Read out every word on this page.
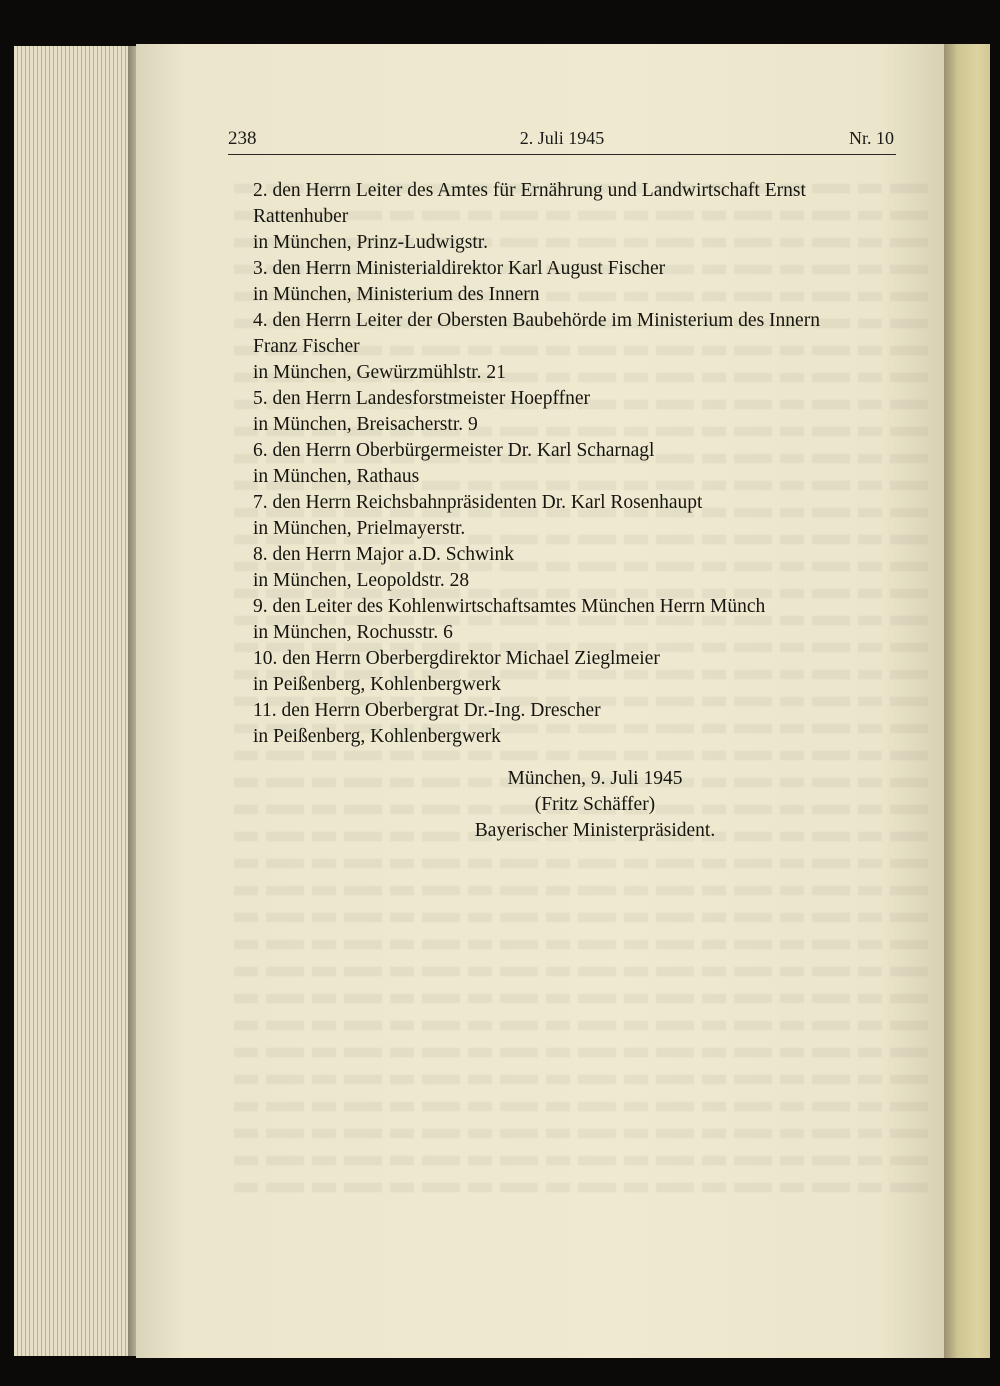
238	2. Juli 1945	Nr. 10
2. den Herrn Leiter des Amtes für Ernährung und Landwirtschaft Ernst
Rattenhuber
in München, Prinz-Ludwigstr.
3. den Herrn Ministerialdirektor Karl August Fischer
in München, Ministerium des Innern
4. den Herrn Leiter der Obersten Baubehörde im Ministerium des Innern
Franz Fischer
in München, Gewürzmühlstr. 21
5. den Herrn Landesforstmeister Hoepffner
in München, Breisacherstr. 9
6. den Herrn Oberbürgermeister Dr. Karl Scharnagl
in München, Rathaus
7. den Herrn Reichsbahnpräsidenten Dr. Karl Rosenhaupt
in München, Prielmayerstr.
8. den Herrn Major a.D. Schwink
in München, Leopoldstr. 28
9. den Leiter des Kohlenwirtschaftsamtes München Herrn Münch
in München, Rochusstr. 6
10. den Herrn Oberbergdirektor Michael Zieglmeier
in Peißenberg, Kohlenbergwerk
11. den Herrn Oberbergrat Dr.-Ing. Drescher
in Peißenberg, Kohlenbergwerk
München, 9. Juli 1945
(Fritz Schäffer)
Bayerischer Ministerpräsident.
